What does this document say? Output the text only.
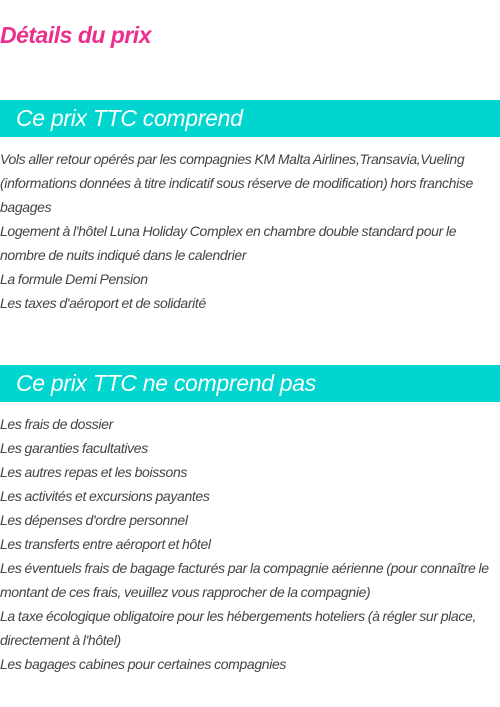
Détails du prix
Ce prix TTC comprend
Vols aller retour opérés par les compagnies KM Malta Airlines,Transavia,Vueling (informations données à titre indicatif sous réserve de modification) hors franchise bagages
Logement à l'hôtel Luna Holiday Complex en chambre double standard pour le nombre de nuits indiqué dans le calendrier
La formule Demi Pension
Les taxes d'aéroport et de solidarité
Ce prix TTC ne comprend pas
Les frais de dossier
Les garanties facultatives
Les autres repas et les boissons
Les activités et excursions payantes
Les dépenses d'ordre personnel
Les transferts entre aéroport et hôtel
Les éventuels frais de bagage facturés par la compagnie aérienne (pour connaître le montant de ces frais, veuillez vous rapprocher de la compagnie)
La taxe écologique obligatoire pour les hébergements hoteliers (à régler sur place, directement à l'hôtel)
Les bagages cabines pour certaines compagnies
